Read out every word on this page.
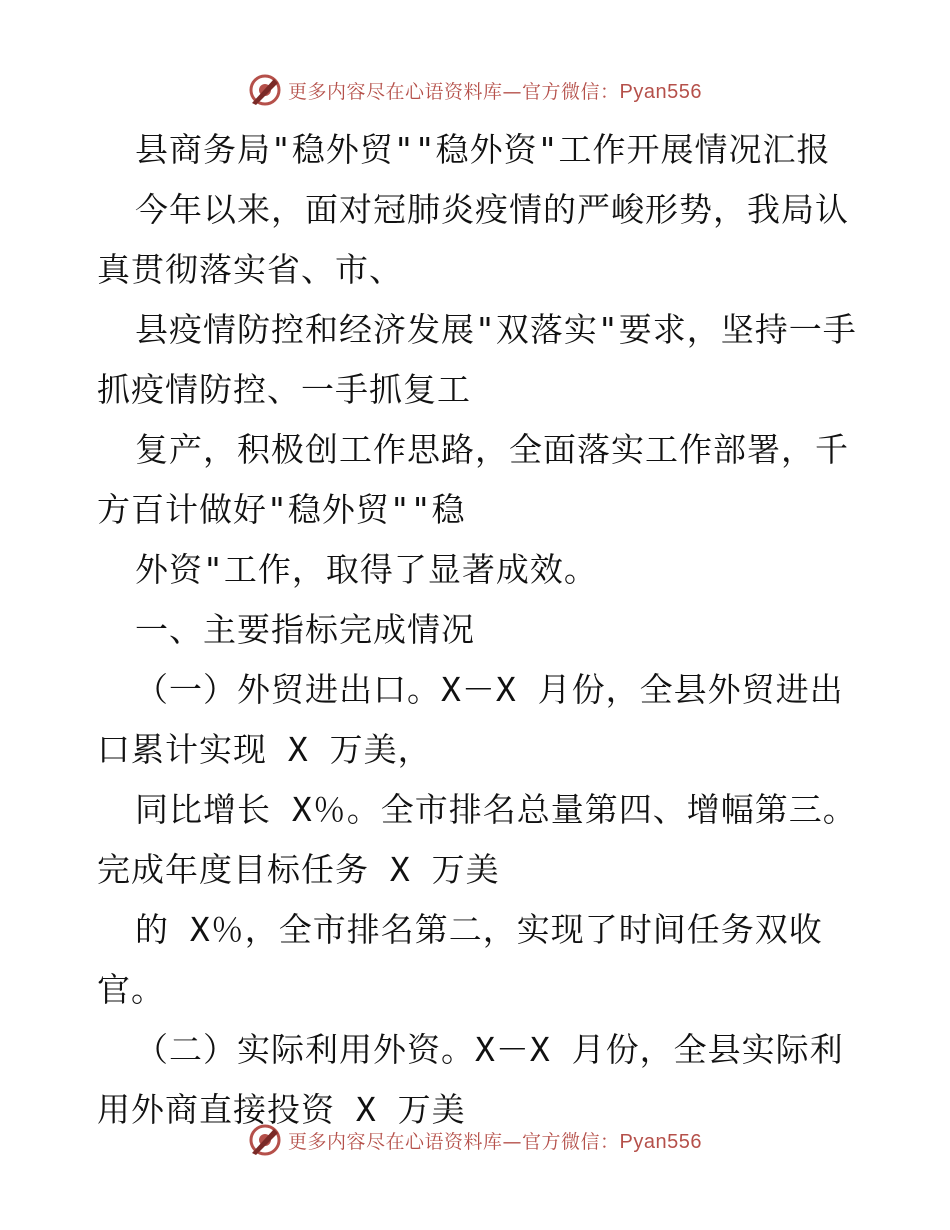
更多内容尽在心语资料库—官方微信：Pyan556
县商务局"稳外贸""稳外资"工作开展情况汇报
今年以来，面对冠肺炎疫情的严峻形势，我局认
真贯彻落实省、市、
县疫情防控和经济发展"双落实"要求，坚持一手
抓疫情防控、一手抓复工
复产，积极创工作思路，全面落实工作部署，千
方百计做好"稳外贸""稳
外资"工作，取得了显著成效。
一、主要指标完成情况
（一）外贸进出口。X－X 月份，全县外贸进出
口累计实现 X 万美，
同比增长 X％。全市排名总量第四、增幅第三。
完成年度目标任务 X 万美
的 X％，全市排名第二，实现了时间任务双收
官。
（二）实际利用外资。X－X 月份，全县实际利
用外商直接投资 X 万美
更多内容尽在心语资料库—官方微信：Pyan556
